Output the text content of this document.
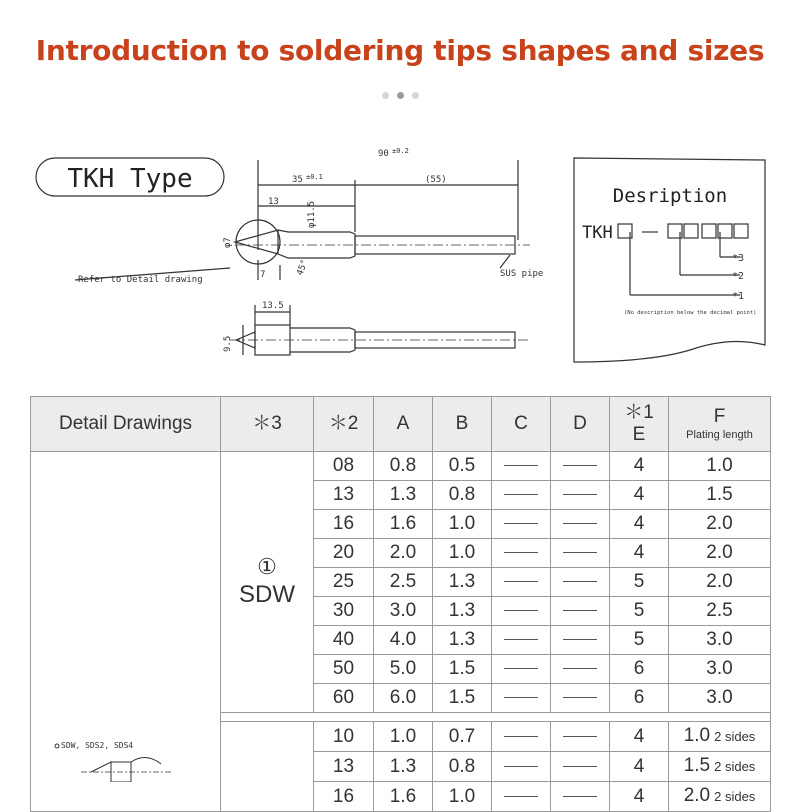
Introduction to soldering tips shapes and sizes
TKH Type
90 ±0.2
35 ±0.1	(55)
13	φ11.5
φ7
7	45°
Refer to Detail drawing
SUS pipe
13.5
9.5
Desription
TKH
*3
*2
*1
(No description below the decimal point)
Detail Drawings	＊3	＊2	A	B	C	D	＊1
E	F
Plating length

SDW, SDS2, SDS4	①
SDW	08	0.8	0.5			4	1.0
		13	1.3	0.8			4	1.5
		16	1.6	1.0			4	2.0
		20	2.0	1.0			4	2.0
		25	2.5	1.3			5	2.0
		30	3.0	1.3			5	2.5
		40	4.0	1.3			5	3.0
		50	5.0	1.5			6	3.0
		60	6.0	1.5			6	3.0

		10	1.0	0.7			4	1.0 2 sides
		13	1.3	0.8			4	1.5 2 sides
		16	1.6	1.0			4	2.0 2 sides
